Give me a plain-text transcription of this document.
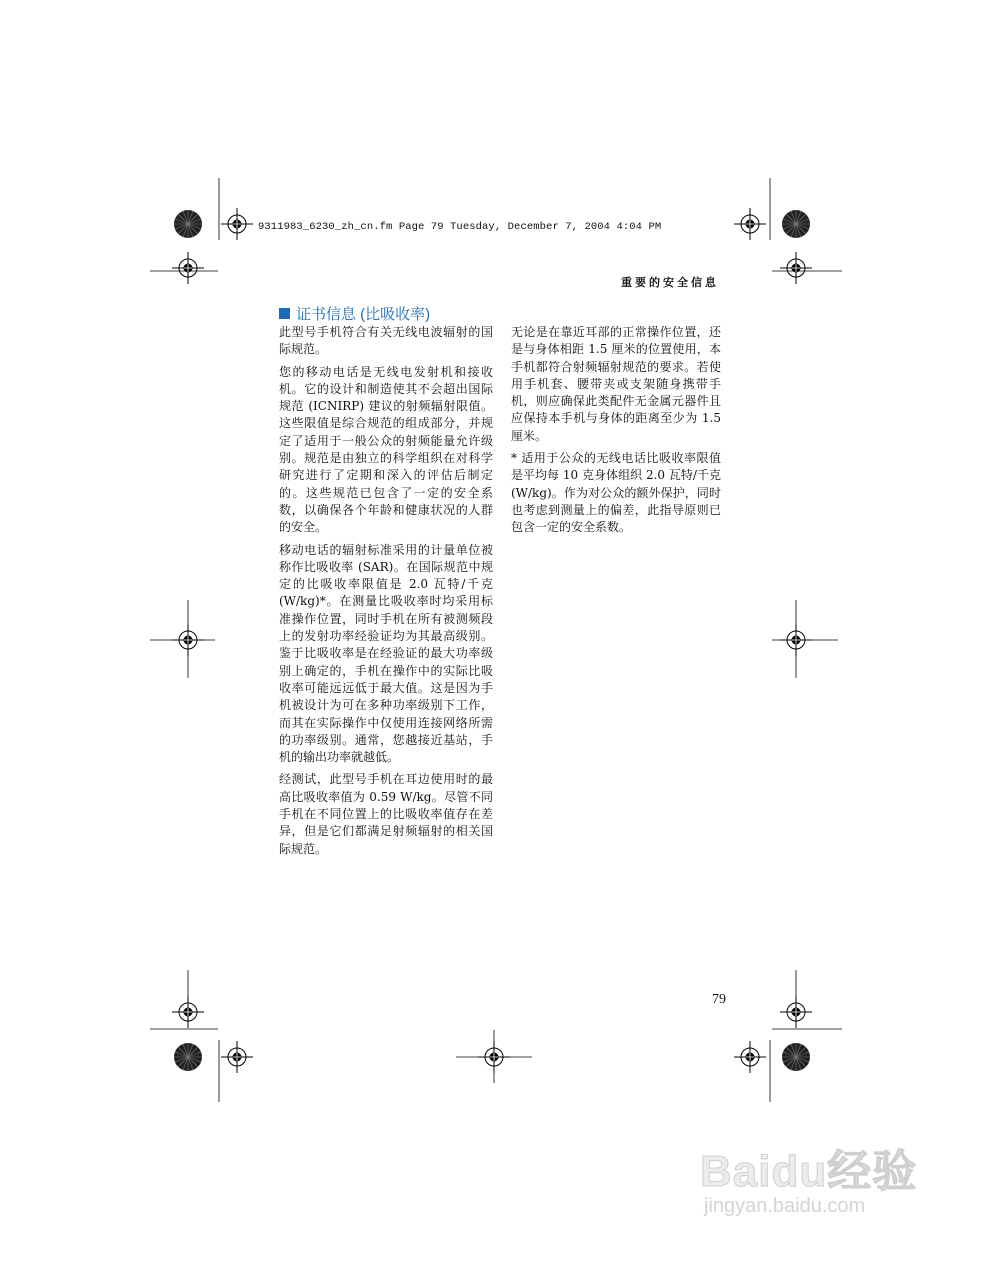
9311983_6230_zh_cn.fm Page 79 Tuesday, December 7, 2004 4:04 PM
重要的安全信息
证书信息 (比吸收率)

此型号手机符合有关无线电波辐射的国际规范。

您的移动电话是无线电发射机和接收机。它的设计和制造使其不会超出国际规范 (ICNIRP) 建议的射频辐射限值。这些限值是综合规范的组成部分，并规定了适用于一般公众的射频能量允许级别。规范是由独立的科学组织在对科学研究进行了定期和深入的评估后制定的。这些规范已包含了一定的安全系数，以确保各个年龄和健康状况的人群的安全。

移动电话的辐射标准采用的计量单位被称作比吸收率 (SAR)。在国际规范中规定的比吸收率限值是 2.0 瓦特/千克 (W/kg)*。在测量比吸收率时均采用标准操作位置，同时手机在所有被测频段上的发射功率经验证均为其最高级别。鉴于比吸收率是在经验证的最大功率级别上确定的，手机在操作中的实际比吸收率可能远远低于最大值。这是因为手机被设计为可在多种功率级别下工作，而其在实际操作中仅使用连接网络所需的功率级别。通常，您越接近基站，手机的输出功率就越低。

经测试，此型号手机在耳边使用时的最高比吸收率值为 0.59 W/kg。尽管不同手机在不同位置上的比吸收率值存在差异，但是它们都满足射频辐射的相关国际规范。

无论是在靠近耳部的正常操作位置，还是与身体相距 1.5 厘米的位置使用，本手机都符合射频辐射规范的要求。若使用手机套、腰带夹或支架随身携带手机，则应确保此类配件无金属元器件且应保持本手机与身体的距离至少为 1.5 厘米。

* 适用于公众的无线电话比吸收率限值是平均每 10 克身体组织 2.0 瓦特/千克 (W/kg)。作为对公众的额外保护，同时也考虑到测量上的偏差，此指导原则已包含一定的安全系数。

79
Baidu经验
jingyan.baidu.com
